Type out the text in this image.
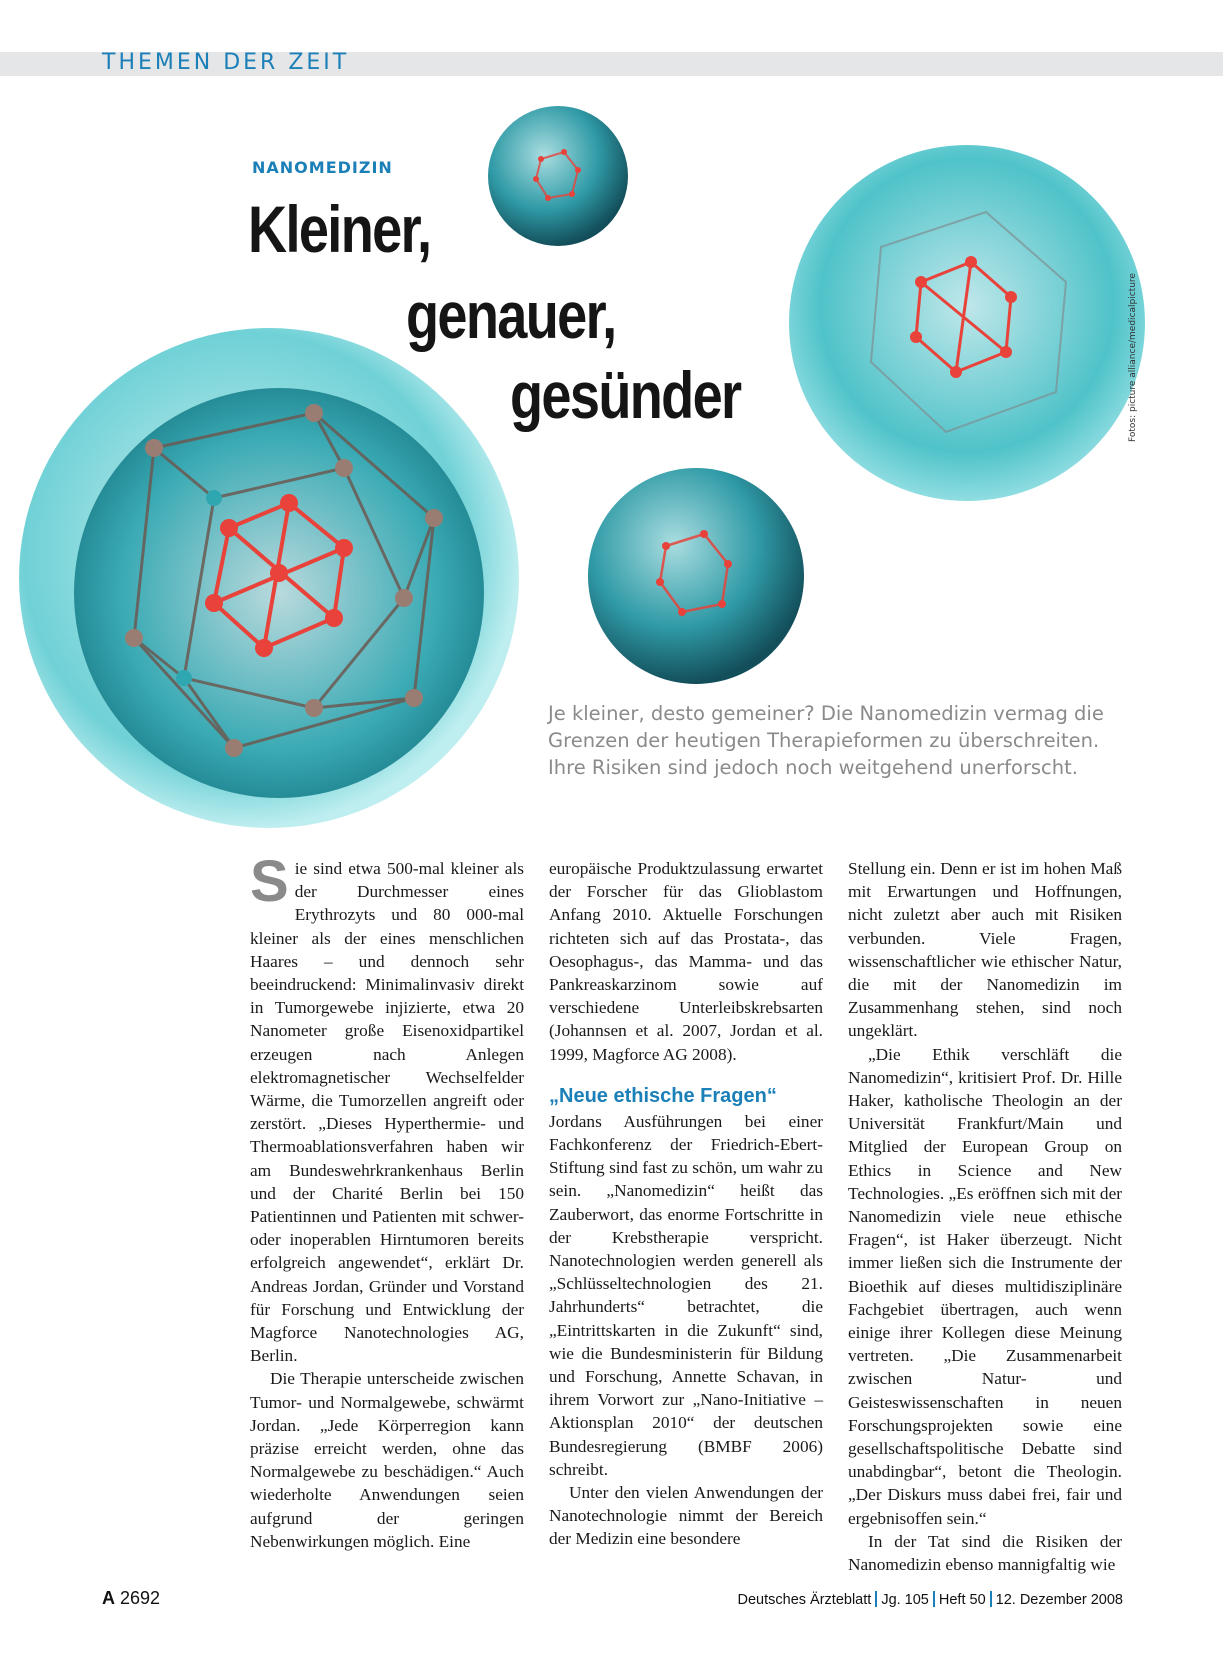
THEMEN DER ZEIT
NANOMEDIZIN
Kleiner,
genauer,
gesünder	Fotos: picture alliance/medicalpicture
Je kleiner, desto gemeiner? Die Nanomedizin vermag die Grenzen der heutigen Therapieformen zu überschreiten. Ihre Risiken sind jedoch noch weitgehend unerforscht.

Sie sind etwa 500-mal kleiner als der Durchmesser eines Erythrozyts und 80 000-mal kleiner als der eines menschlichen Haares – und dennoch sehr beeindruckend: Minimalinvasiv direkt in Tumorgewebe injizierte, etwa 20 Nanometer große Eisenoxidpartikel erzeugen nach Anlegen elektromagnetischer Wechselfelder Wärme, die Tumorzellen angreift oder zerstört. „Dieses Hyperthermie- und Thermoablationsverfahren haben wir am Bundeswehrkrankenhaus Berlin und der Charité Berlin bei 150 Patientinnen und Patienten mit schwer- oder inoperablen Hirntumoren bereits erfolgreich angewendet“, erklärt Dr. Andreas Jordan, Gründer und Vorstand für Forschung und Entwicklung der Magforce Nanotechnologies AG, Berlin.

Die Therapie unterscheide zwischen Tumor- und Normalgewebe, schwärmt Jordan. „Jede Körperregion kann präzise erreicht werden, ohne das Normalgewebe zu beschädigen.“ Auch wiederholte Anwendungen seien aufgrund der geringen Nebenwirkungen möglich. Eine

europäische Produktzulassung erwartet der Forscher für das Glioblastom Anfang 2010. Aktuelle Forschungen richteten sich auf das Prostata-, das Oesophagus-, das Mamma- und das Pankreaskarzinom sowie auf verschiedene Unterleibskrebsarten (Johannsen et al. 2007, Jordan et al. 1999, Magforce AG 2008).

„Neue ethische Fragen“

Jordans Ausführungen bei einer Fachkonferenz der Friedrich-Ebert-Stiftung sind fast zu schön, um wahr zu sein. „Nanomedizin“ heißt das Zauberwort, das enorme Fortschritte in der Krebstherapie verspricht. Nanotechnologien werden generell als „Schlüsseltechnologien des 21. Jahrhunderts“ betrachtet, die „Eintrittskarten in die Zukunft“ sind, wie die Bundesministerin für Bildung und Forschung, Annette Schavan, in ihrem Vorwort zur „Nano-Initiative – Aktionsplan 2010“ der deutschen Bundesregierung (BMBF 2006) schreibt.

Unter den vielen Anwendungen der Nanotechnologie nimmt der Bereich der Medizin eine besondere

Stellung ein. Denn er ist im hohen Maß mit Erwartungen und Hoffnungen, nicht zuletzt aber auch mit Risiken verbunden. Viele Fragen, wissenschaftlicher wie ethischer Natur, die mit der Nanomedizin im Zusammenhang stehen, sind noch ungeklärt.

„Die Ethik verschläft die Nanomedizin“, kritisiert Prof. Dr. Hille Haker, katholische Theologin an der Universität Frankfurt/Main und Mitglied der European Group on Ethics in Science and New Technologies. „Es eröffnen sich mit der Nanomedizin viele neue ethische Fragen“, ist Haker überzeugt. Nicht immer ließen sich die Instrumente der Bioethik auf dieses multidisziplinäre Fachgebiet übertragen, auch wenn einige ihrer Kollegen diese Meinung vertreten. „Die Zusammenarbeit zwischen Natur- und Geisteswissenschaften in neuen Forschungsprojekten sowie eine gesellschaftspolitische Debatte sind unabdingbar“, betont die Theologin. „Der Diskurs muss dabei frei, fair und ergebnisoffen sein.“

In der Tat sind die Risiken der Nanomedizin ebenso mannigfaltig wie

A 2692	Deutsches Ärzteblatt Jg. 105 Heft 50 12. Dezember 2008
